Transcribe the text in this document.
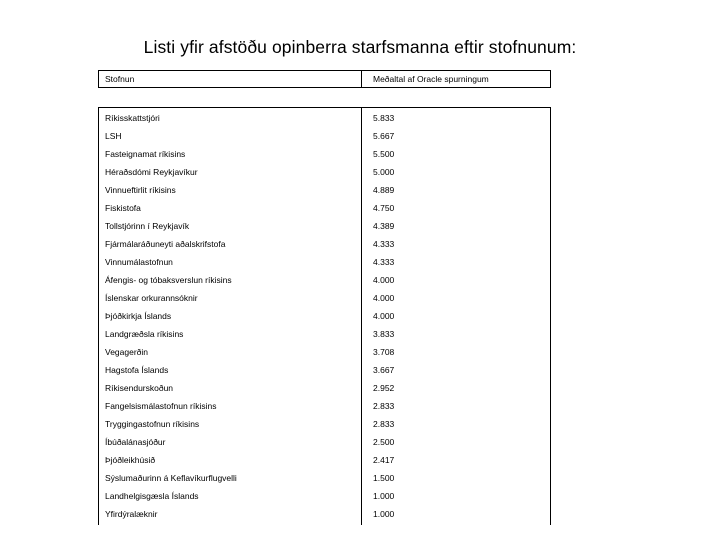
Listi yfir afstöðu opinberra starfsmanna eftir stofnunum:
Stofnun	Meðaltal af Oracle spurningum
Ríkisskattstjóri	5.833
LSH	5.667
Fasteignamat ríkisins	5.500
Héraðsdómi Reykjavíkur	5.000
Vinnueftirlit ríkisins	4.889
Fiskistofa	4.750
Tollstjórinn í Reykjavík	4.389
Fjármálaráðuneyti aðalskrifstofa	4.333
Vinnumálastofnun	4.333
Áfengis- og tóbaksverslun ríkisins	4.000
Íslenskar orkurannsóknir	4.000
Þjóðkirkja Íslands	4.000
Landgræðsla ríkisins	3.833
Vegagerðin	3.708
Hagstofa Íslands	3.667
Ríkisendurskoðun	2.952
Fangelsismálastofnun ríkisins	2.833
Tryggingastofnun ríkisins	2.833
Íbúðalánasjóður	2.500
Þjóðleikhúsið	2.417
Sýslumaðurinn á Keflavíkurflugvelli	1.500
Landhelgisgæsla Íslands	1.000
Yfirdýralæknir	1.000
